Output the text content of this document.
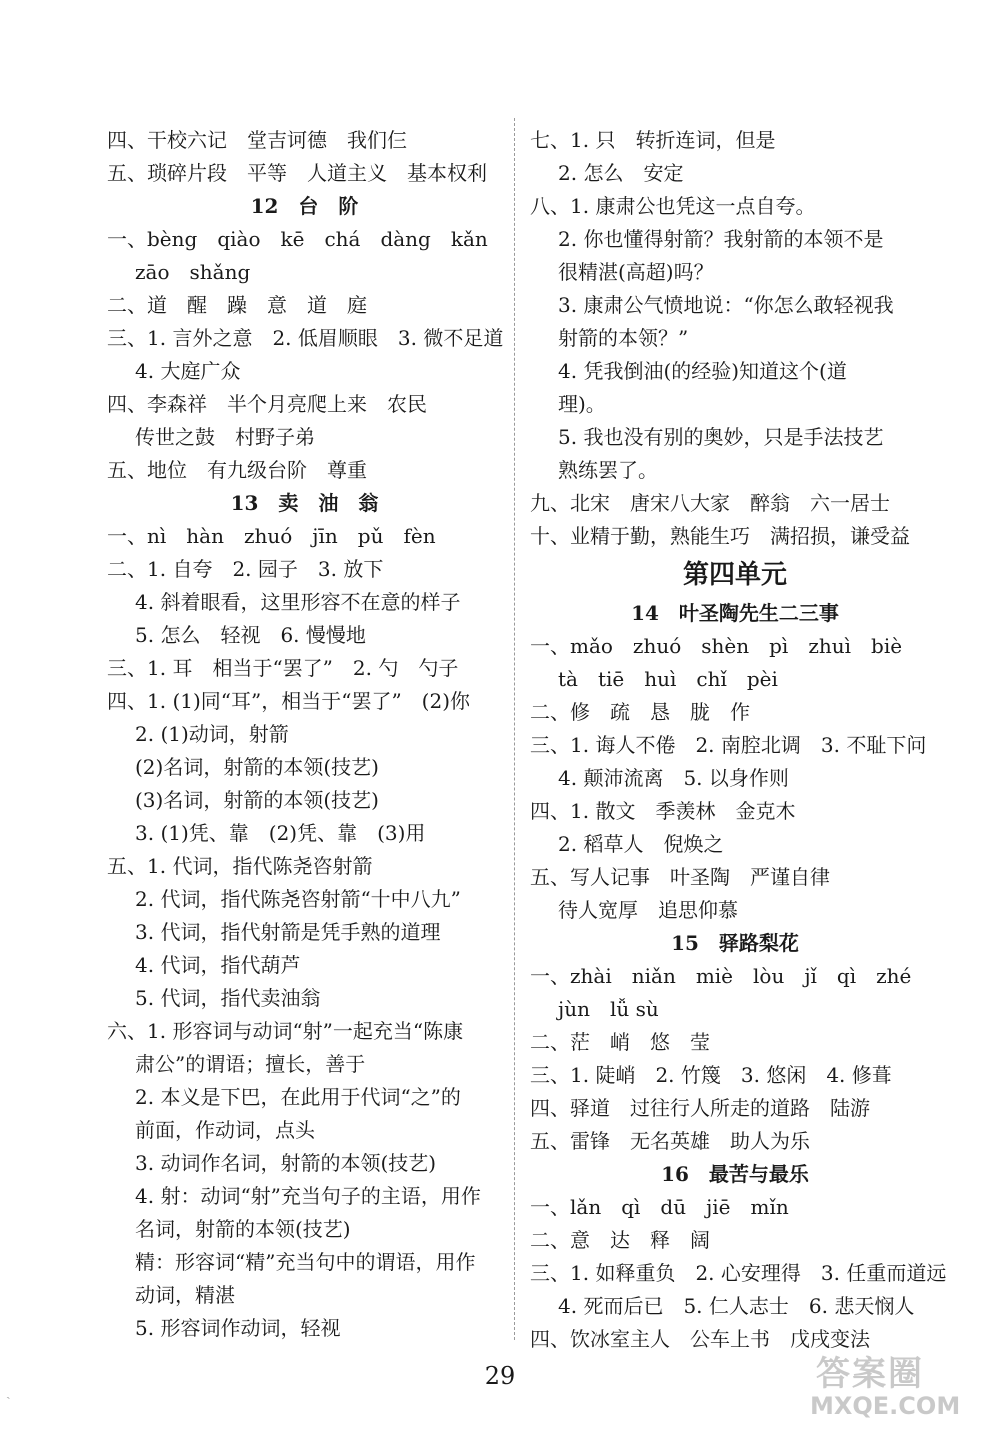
四、干校六记　堂吉诃德　我们仨
五、琐碎片段　平等　人道主义　基本权利
12　台　阶
一、bèng　qiào　kē　chá　dàng　kǎn
zāo　shǎng
二、道　醒　躁　意　道　庭
三、1. 言外之意　2. 低眉顺眼　3. 微不足道
4. 大庭广众
四、李森祥　半个月亮爬上来　农民
传世之鼓　村野子弟
五、地位　有九级台阶　尊重
13　卖　油　翁
一、nì　hàn　zhuó　jīn　pǔ　fèn
二、1. 自夸　2. 园子　3. 放下
4. 斜着眼看，这里形容不在意的样子
5. 怎么　轻视　6. 慢慢地
三、1. 耳　相当于“罢了”　2. 勺　勺子
四、1. (1)同“耳”，相当于“罢了”　(2)你
2. (1)动词，射箭
(2)名词，射箭的本领(技艺)
(3)名词，射箭的本领(技艺)
3. (1)凭、靠　(2)凭、靠　(3)用
五、1. 代词，指代陈尧咨射箭
2. 代词，指代陈尧咨射箭“十中八九”
3. 代词，指代射箭是凭手熟的道理
4. 代词，指代葫芦
5. 代词，指代卖油翁
六、1. 形容词与动词“射”一起充当“陈康
肃公”的谓语；擅长，善于
2. 本义是下巴，在此用于代词“之”的
前面，作动词，点头
3. 动词作名词，射箭的本领(技艺)
4. 射：动词“射”充当句子的主语，用作
名词，射箭的本领(技艺)
精：形容词“精”充当句中的谓语，用作
动词，精湛
5. 形容词作动词，轻视
七、1. 只　转折连词，但是
2. 怎么　安定
八、1. 康肃公也凭这一点自夸。
2. 你也懂得射箭？我射箭的本领不是
很精湛(高超)吗？
3. 康肃公气愤地说：“你怎么敢轻视我
射箭的本领？”
4. 凭我倒油(的经验)知道这个(道
理)。
5. 我也没有别的奥妙，只是手法技艺
熟练罢了。
九、北宋　唐宋八大家　醉翁　六一居士
十、业精于勤，熟能生巧　满招损，谦受益
第四单元
14　叶圣陶先生二三事
一、mǎo　zhuó　shèn　pì　zhuì　biè
tà　tiē　huì　chǐ　pèi
二、修　疏　恳　胧　作
三、1. 诲人不倦　2. 南腔北调　3. 不耻下问
4. 颠沛流离　5. 以身作则
四、1. 散文　季羡林　金克木
2. 稻草人　倪焕之
五、写人记事　叶圣陶　严谨自律
待人宽厚　追思仰慕
15　驿路梨花
一、zhài　niǎn　miè　lòu　jǐ　qì　zhé
jùn　lǚ sù
二、茫　峭　悠　莹
三、1. 陡峭　2. 竹篾　3. 悠闲　4. 修葺
四、驿道　过往行人所走的道路　陆游
五、雷锋　无名英雄　助人为乐
16　最苦与最乐
一、lǎn　qì　dū　jiē　mǐn
二、意　达　释　阔
三、1. 如释重负　2. 心安理得　3. 任重而道远
4. 死而后已　5. 仁人志士　6. 悲天悯人
四、饮冰室主人　公车上书　戊戌变法
29	答案圈
MXQE.COM
ˎ
